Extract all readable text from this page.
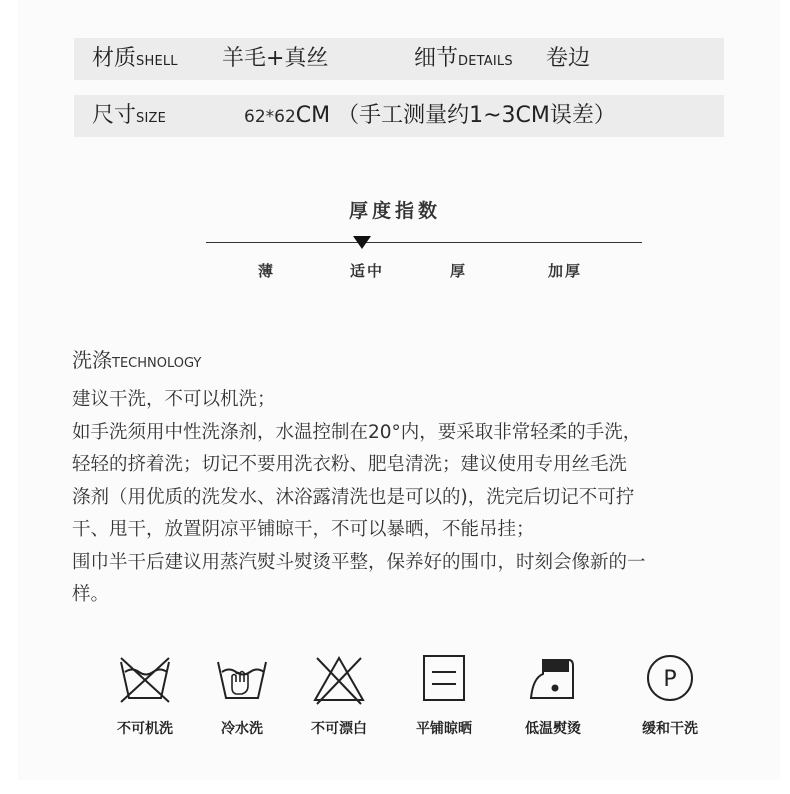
材质SHELL 羊毛+真丝	细节DETAILS 卷边
尺寸SIZE	62*62CM （手工测量约1~3CM误差）
厚度指数
薄	适中	厚	加厚
洗涤TECHNOLOGY
建议干洗，不可以机洗；
如手洗须用中性洗涤剂，水温控制在20°内，要采取非常轻柔的手洗，
轻轻的挤着洗；切记不要用洗衣粉、肥皂清洗；建议使用专用丝毛洗
涤剂（用优质的洗发水、沐浴露清洗也是可以的)，洗完后切记不可拧
干、甩干，放置阴凉平铺晾干，不可以暴晒，不能吊挂；
围巾半干后建议用蒸汽熨斗熨烫平整，保养好的围巾，时刻会像新的一
样。
不可机洗	冷水洗	不可漂白	平铺晾晒	低温熨烫
P
缓和干洗
